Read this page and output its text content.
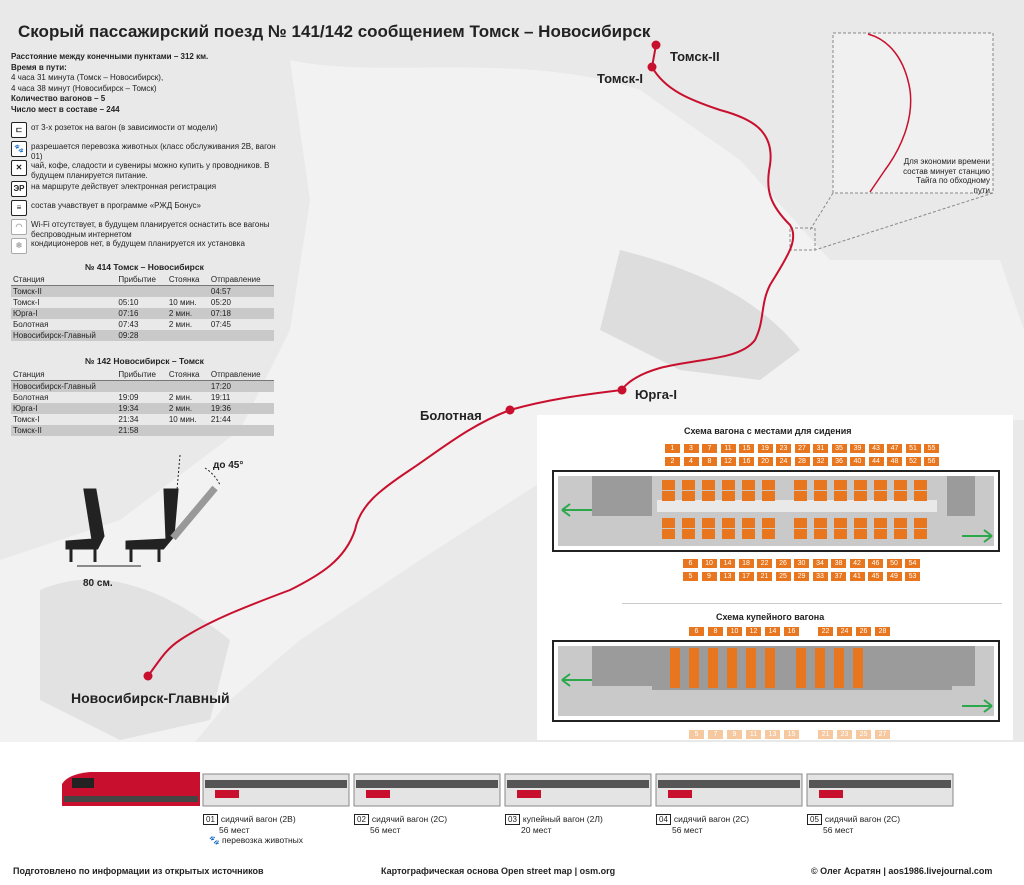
Скорый пассажирский поезд № 141/142 сообщением Томск – Новосибирск
Расстояние между конечными пунктами – 312 км.
Время в пути:
4 часа 31 минута (Томск – Новосибирск),
4 часа 38 минут (Новосибирск – Томск)
Количество вагонов – 5
Число мест в составе – 244
⊏	от 3-х розеток на вагон (в зависимости от модели)
🐾 разрешается перевозка животных (класс обслуживания 2В, вагон 01)
✕	чай, кофе, сладости и сувениры можно купить у проводников. В будущем планируется питание.
ЭР на маршруте действует электронная регистрация
≡	состав учавствует в программе «РЖД Бонус»
◠	Wi-Fi отсутствует, в будущем планируется оснастить все вагоны беспроводным интернетом
❄	кондиционеров нет, в будущем планируется их установка
№ 414 Томск – Новосибирск
Станция	Прибытие	Стоянка	Отправление
Томск-II			04:57
Томск-I	05:10	10 мин.	05:20
Юрга-I	07:16	2 мин.	07:18
Болотная	07:43	2 мин.	07:45
Новосибирск-Главный	09:28		
№ 142 Новосибирск – Томск
Станция	Прибытие	Стоянка	Отправление
Новосибирск-Главный			17:20
Болотная	19:09	2 мин.	19:11
Юрга-I	19:34	2 мин.	19:36
Томск-I	21:34	10 мин.	21:44
Томск-II	21:58		
80 см.
до 45°
Томск-II
Томск-I
Юрга-I
Болотная
Новосибирск-Главный
Для экономии времени состав минует станцию Тайга по обходному пути
Схема вагона с местами для сидения
1	3	7	11	15	19	23	27	31	35	39	43	47	51	55
2	4	8	12	16	20	24	28	32	36	40	44	48	52	56
6	10	14	18	22	26	30	34	38	42	46	50	54
5	9	13	17	21	25	29	33	37	41	45	49	53
Схема купейного вагона
6	8	10	12	14	16	22	24	26	28
5	7	9	11	13	15	21	23	25	27
01 сидячий вагон (2В)
56 мест
🐾 перевозка животных
02 сидячий вагон (2С)
56 мест
03 купейный вагон (2Л)
20 мест
04 сидячий вагон (2С)
56 мест
05 сидячий вагон (2С)
56 мест
Подготовлено по информации из открытых источников	Картографическая основа Open street map | osm.org	© Олег Асратян | aos1986.livejournal.com
